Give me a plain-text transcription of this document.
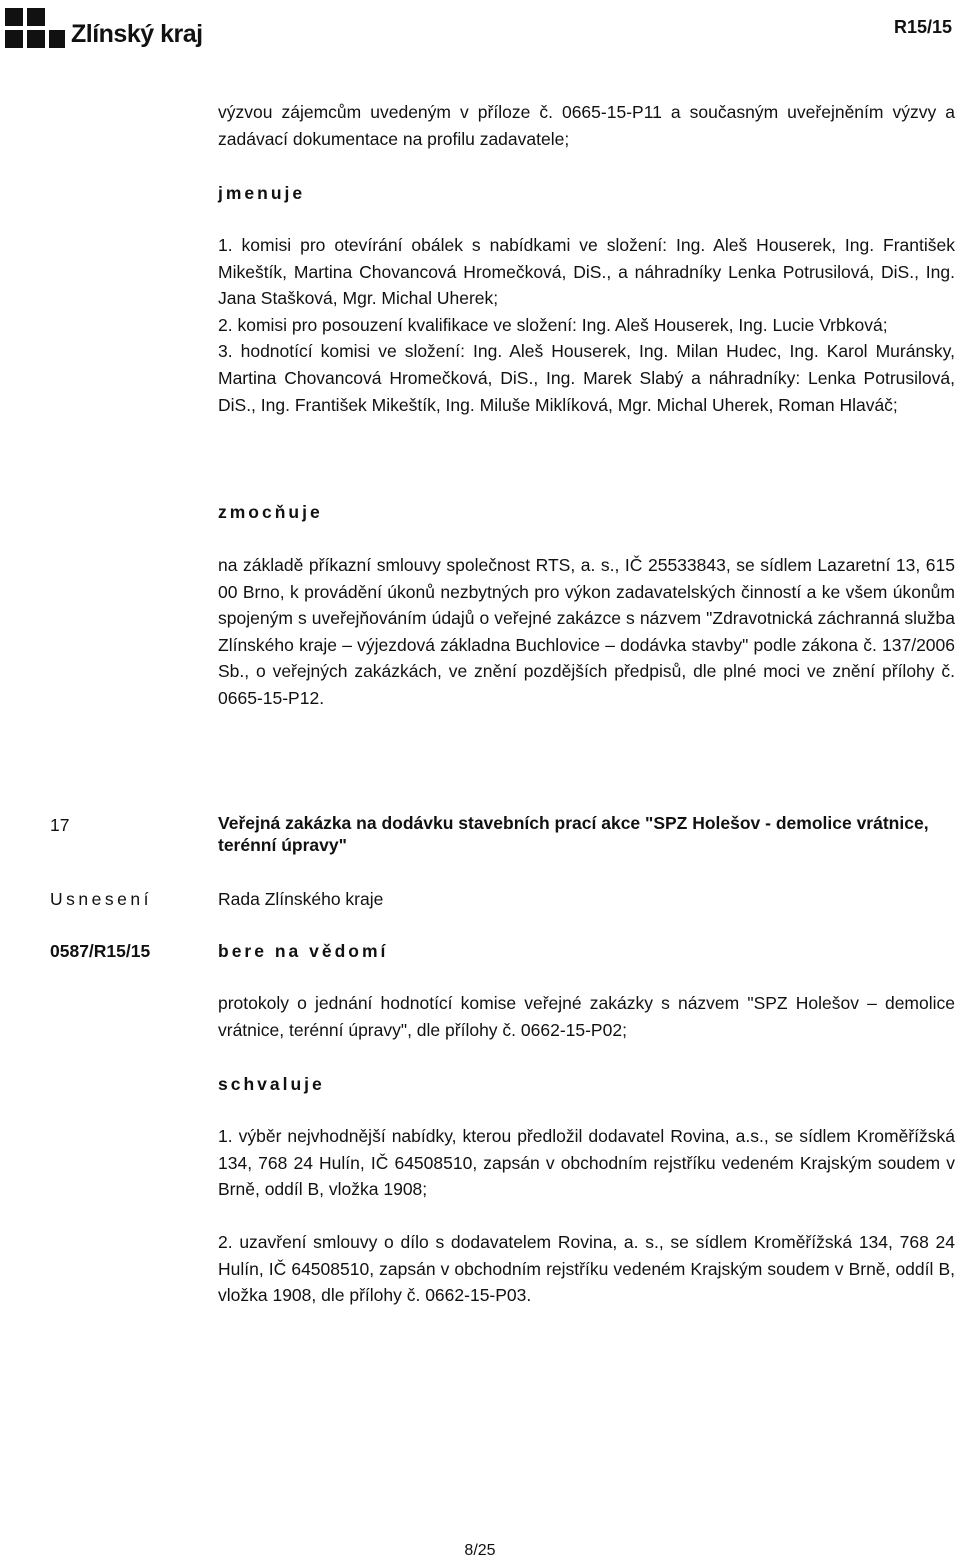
Zlínský kraj	R15/15

výzvou zájemcům uvedeným v příloze č. 0665-15-P11 a současným uveřejněním výzvy a zadávací dokumentace na profilu zadavatele;

jmenuje

1. komisi pro otevírání obálek s nabídkami ve složení: Ing. Aleš Houserek, Ing. František Mikeštík, Martina Chovancová Hromečková, DiS., a náhradníky Lenka Potrusilová, DiS., Ing. Jana Stašková, Mgr. Michal Uherek;

2. komisi pro posouzení kvalifikace ve složení: Ing. Aleš Houserek, Ing. Lucie Vrbková;

3. hodnotící komisi ve složení: Ing. Aleš Houserek, Ing. Milan Hudec, Ing. Karol Muránsky, Martina Chovancová Hromečková, DiS., Ing. Marek Slabý a náhradníky: Lenka Potrusilová, DiS., Ing. František Mikeštík, Ing. Miluše Miklíková, Mgr. Michal Uherek, Roman Hlaváč;

zmocňuje

na základě příkazní smlouvy společnost RTS, a. s., IČ 25533843, se sídlem Lazaretní 13, 615 00 Brno, k provádění úkonů nezbytných pro výkon zadavatelských činností a ke všem úkonům spojeným s uveřejňováním údajů o veřejné zakázce s názvem "Zdravotnická záchranná služba Zlínského kraje – výjezdová základna Buchlovice – dodávka stavby" podle zákona č. 137/2006 Sb., o veřejných zakázkách, ve znění pozdějších předpisů, dle plné moci ve znění přílohy č. 0665-15-P12.

17	Veřejná zakázka na dodávku stavebních prací akce "SPZ Holešov - demolice vrátnice, terénní úpravy"

Usnesení	Rada Zlínského kraje
0587/R15/15	bere na vědomí

protokoly o jednání hodnotící komise veřejné zakázky s názvem "SPZ Holešov – demolice vrátnice, terénní úpravy", dle přílohy č. 0662-15-P02;

schvaluje

1. výběr nejvhodnější nabídky, kterou předložil dodavatel Rovina, a.s., se sídlem Kroměřížská 134, 768 24 Hulín, IČ 64508510, zapsán v obchodním rejstříku vedeném Krajským soudem v Brně, oddíl B, vložka 1908;

2. uzavření smlouvy o dílo s dodavatelem Rovina, a. s., se sídlem Kroměřížská 134, 768 24 Hulín, IČ 64508510, zapsán v obchodním rejstříku vedeném Krajským soudem v Brně, oddíl B, vložka 1908, dle přílohy č. 0662-15-P03.

8/25
